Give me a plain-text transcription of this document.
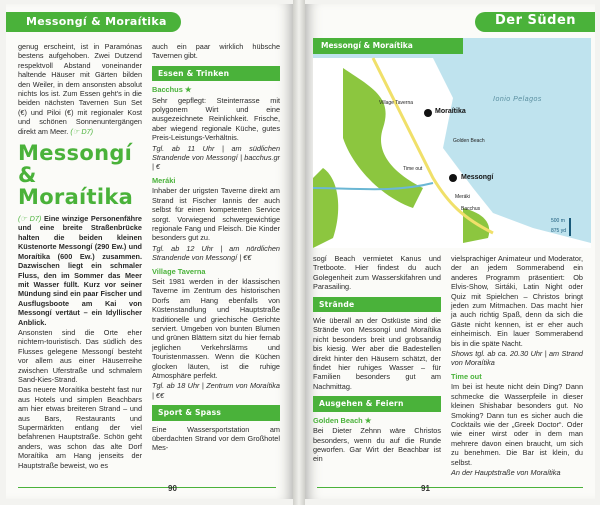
Messongí & Moraítika

genug erscheint, ist in Paramónas bestens aufgehoben. Zwei Dutzend respektvoll Abstand voneinander haltende Häuser mit Gärten bilden den Weiler, in dem ansonsten absolut nichts los ist. Zum Essen geht's in die beiden nächsten Tavernen Sun Set (€) und Piloi (€) mit regionaler Kost und schönen Sonnenuntergängen direkt am Meer. (☞ D7)

Messongí & Moraítika

(☞ D7) Eine winzige Personenfähre und eine breite Straßenbrücke halten die beiden kleinen Küstenorte Messongí (290 Ew.) und Moraítika (600 Ew.) zusammen. Dazwischen liegt ein schmaler Fluss, den im Sommer das Meer mit Wasser füllt. Kurz vor seiner Mündung sind ein paar Fischer und Ausflugsboote am Kai von Messongí vertäut – ein Idyllischer Anblick.

Ansonsten sind die Orte eher nichtern-touristisch. Das südlich des Flusses gelegene Messongí besteht vor allem aus einer Häuserreihe zwischen Uferstraße und schmalem Sand-Kies-Strand.

Das neuere Moraítika besteht fast nur aus Hotels und simplen Beachbars am hier etwas breiteren Strand – und aus Bars, Restaurants und Supermärkten entlang der viel befahrenen Hauptstraße. Schön geht anders, was schon das alte Dorf Moraítika am Hang jenseits der Hauptstraße beweist, wo es

auch ein paar wirklich hübsche Tavernen gibt.

Essen & Trinken
Bacchus ★

Sehr gepflegt: Steinterrasse mit polygonem Wirt und eine ausgezeichnete Reinlichkeit. Frische, aber wiegend regionale Küche, gutes Preis-Leistungs-Verhältnis.

Tgl. ab 11 Uhr | am südlichen Strandende von Messongí | bacchus.gr | €

Meráki

Inhaber der urigsten Taverne direkt am Strand ist Fischer Iannis der auch selbst für einen kompetenten Service sorgt. Vorwiegend schwergewichtige regionale Fang und Fleisch. Die Kinder besonders gut zu.

Tgl. ab 12 Uhr | am nördlichen Strandende von Messongí | €€

Village Taverna

Seit 1981 werden in der klassischen Taverne im Zentrum des historischen Dorfs am Hang ebenfalls von Küstenstandlung und Hauptstraße traditionelle und griechische Gerichte serviert. Umgeben von bunten Blumen und grünen Blättern sitzt du hier fernab jeglichen Verkehrslärms und Touristenmassen. Wenn die Küchen glocken läuten, ist die ruhige Atmosphäre perfekt.

Tgl. ab 18 Uhr | Zentrum von Moraítika | €€

Sport & Spass

Eine Wassersportstation am überdachten Strand vor dem Großhotel Mes-

90
Der Süden
Messongí & Moraítika
Ionio Pelagos
Moraítika
Messongí
Village Taverna
Golden Beach
Time out
Meráki
Bacchus
500 m
875 yd

sogí Beach vermietet Kanus und Tretboote. Hier findest du auch Golegenheit zum Wasserskifahren und Parasailing.

Strände

Wie überall an der Ostküste sind die Strände von Messongí und Moraítika nicht besonders breit und grobsandig bis kiesig. Wer aber die Badestellen direkt hinter den Häusern schätzt, der findet hier ruhiges Wasser – für Familien besonders gut am Nachmittag.

Ausgehen & Feiern
Golden Beach ★

Bei Dieter Zehnn wäre Christos besonders, wenn du auf die Runde geworfen. Gar Wirt der Beachbar ist ein

vielsprachiger Animateur und Moderator, der an jedem Sommerabend ein anderes Programm präsentiert: Ob Elvis-Show, Sirtáki, Latin Night oder Quiz mit Spielchen – Christos bringt jeden zum Mitmachen. Das macht hier ja auch richtig Spaß, denn da sich die Gäste nicht kennen, ist er eher auch einheimisch. Ein lauer Sommerabend bis in die späte Nacht.

Shows tgl. ab ca. 20.30 Uhr | am Strand von Moraítika

Time out

Im bei ist heute nicht dein Ding? Dann schmecke die Wasserpfeile in dieser kleinen Shishabar besonders gut. No Smoking? Dann tun es sicher auch die Cocktails wie der „Greek Doctor“. Oder wie einer wirst oder in dem man mehrere davon einen braucht, um sich zu benehmen. Die Bar ist klein, du selbst.

An der Hauptstraße von Moraítika

91
